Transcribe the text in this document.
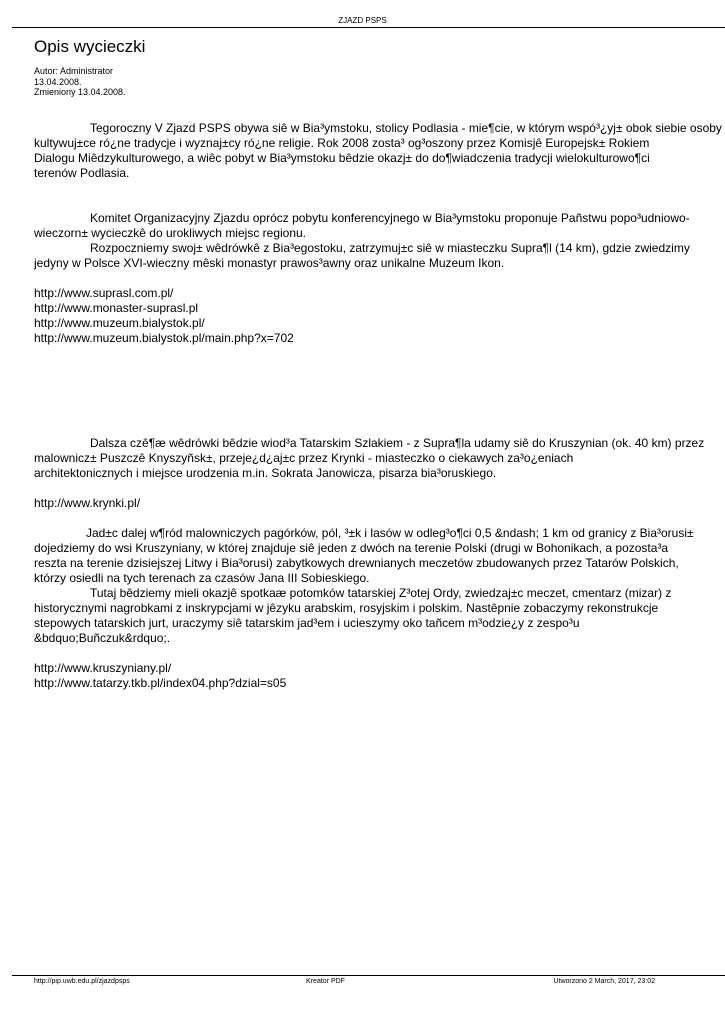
ZJAZD PSPS
Opis wycieczki
Autor: Administrator
13.04.2008.
Zmieniony 13.04.2008.

Tegoroczny V Zjazd PSPS obywa siê w Bia³ymstoku, stolicy Podlasia - mie¶cie, w którym wspó³¿yj± obok siebie osoby

kultywuj±ce ró¿ne tradycje i wyznaj±cy ró¿ne religie. Rok 2008 zosta³ og³oszony przez Komisjê Europejsk± Rokiem

Dialogu Miêdzykulturowego, a wiêc pobyt w Bia³ymstoku bêdzie okazj± do do¶wiadczenia tradycji wielokulturowo¶ci

terenów Podlasia.

Komitet Organizacyjny Zjazdu oprócz pobytu konferencyjnego w Bia³ymstoku proponuje Pañstwu popo³udniowo-

wieczorn± wycieczkê do urokliwych miejsc regionu.

Rozpoczniemy swoj± wêdrówkê z Bia³egostoku, zatrzymuj±c siê w miasteczku Supra¶l (14 km), gdzie zwiedzimy

jedyny w Polsce XVI-wieczny mêski monastyr prawos³awny oraz unikalne Muzeum Ikon.

http://www.suprasl.com.pl/
http://www.monaster-suprasl.pl
http://www.muzeum.bialystok.pl/
http://www.muzeum.bialystok.pl/main.php?x=702

Dalsza czê¶æ wêdrówki bêdzie wiod³a Tatarskim Szlakiem - z Supra¶la udamy siê do Kruszynian (ok. 40 km) przez

malownicz± Puszczê Knyszyñsk±, przeje¿d¿aj±c przez Krynki - miasteczko o ciekawych za³o¿eniach

architektonicznych i miejsce urodzenia m.in. Sokrata Janowicza, pisarza bia³oruskiego.

http://www.krynki.pl/

Jad±c dalej w¶ród malowniczych pagórków, pól, ³±k i lasów w odleg³o¶ci 0,5 &ndash; 1 km od granicy z Bia³orusi±

dojedziemy do wsi Kruszyniany, w której znajduje siê jeden z dwóch na terenie Polski (drugi w Bohonikach, a pozosta³a

reszta na terenie dzisiejszej Litwy i Bia³orusi) zabytkowych drewnianych meczetów zbudowanych przez Tatarów Polskich,

którzy osiedli na tych terenach za czasów Jana III Sobieskiego.

Tutaj bêdziemy mieli okazjê spotkaæ potomków tatarskiej Z³otej Ordy, zwiedzaj±c meczet, cmentarz (mizar) z

historycznymi nagrobkami z inskrypcjami w jêzyku arabskim, rosyjskim i polskim. Nastêpnie zobaczymy rekonstrukcje

stepowych tatarskich jurt, uraczymy siê tatarskim jad³em i ucieszymy oko tañcem m³odzie¿y z zespo³u

&bdquo;Buñczuk&rdquo;.

http://www.kruszyniany.pl/
http://www.tatarzy.tkb.pl/index04.php?dzial=s05
http://pip.uwb.edu.pl/zjazdpsps	Kreator PDF	Utworzono 2 March, 2017, 23:02
